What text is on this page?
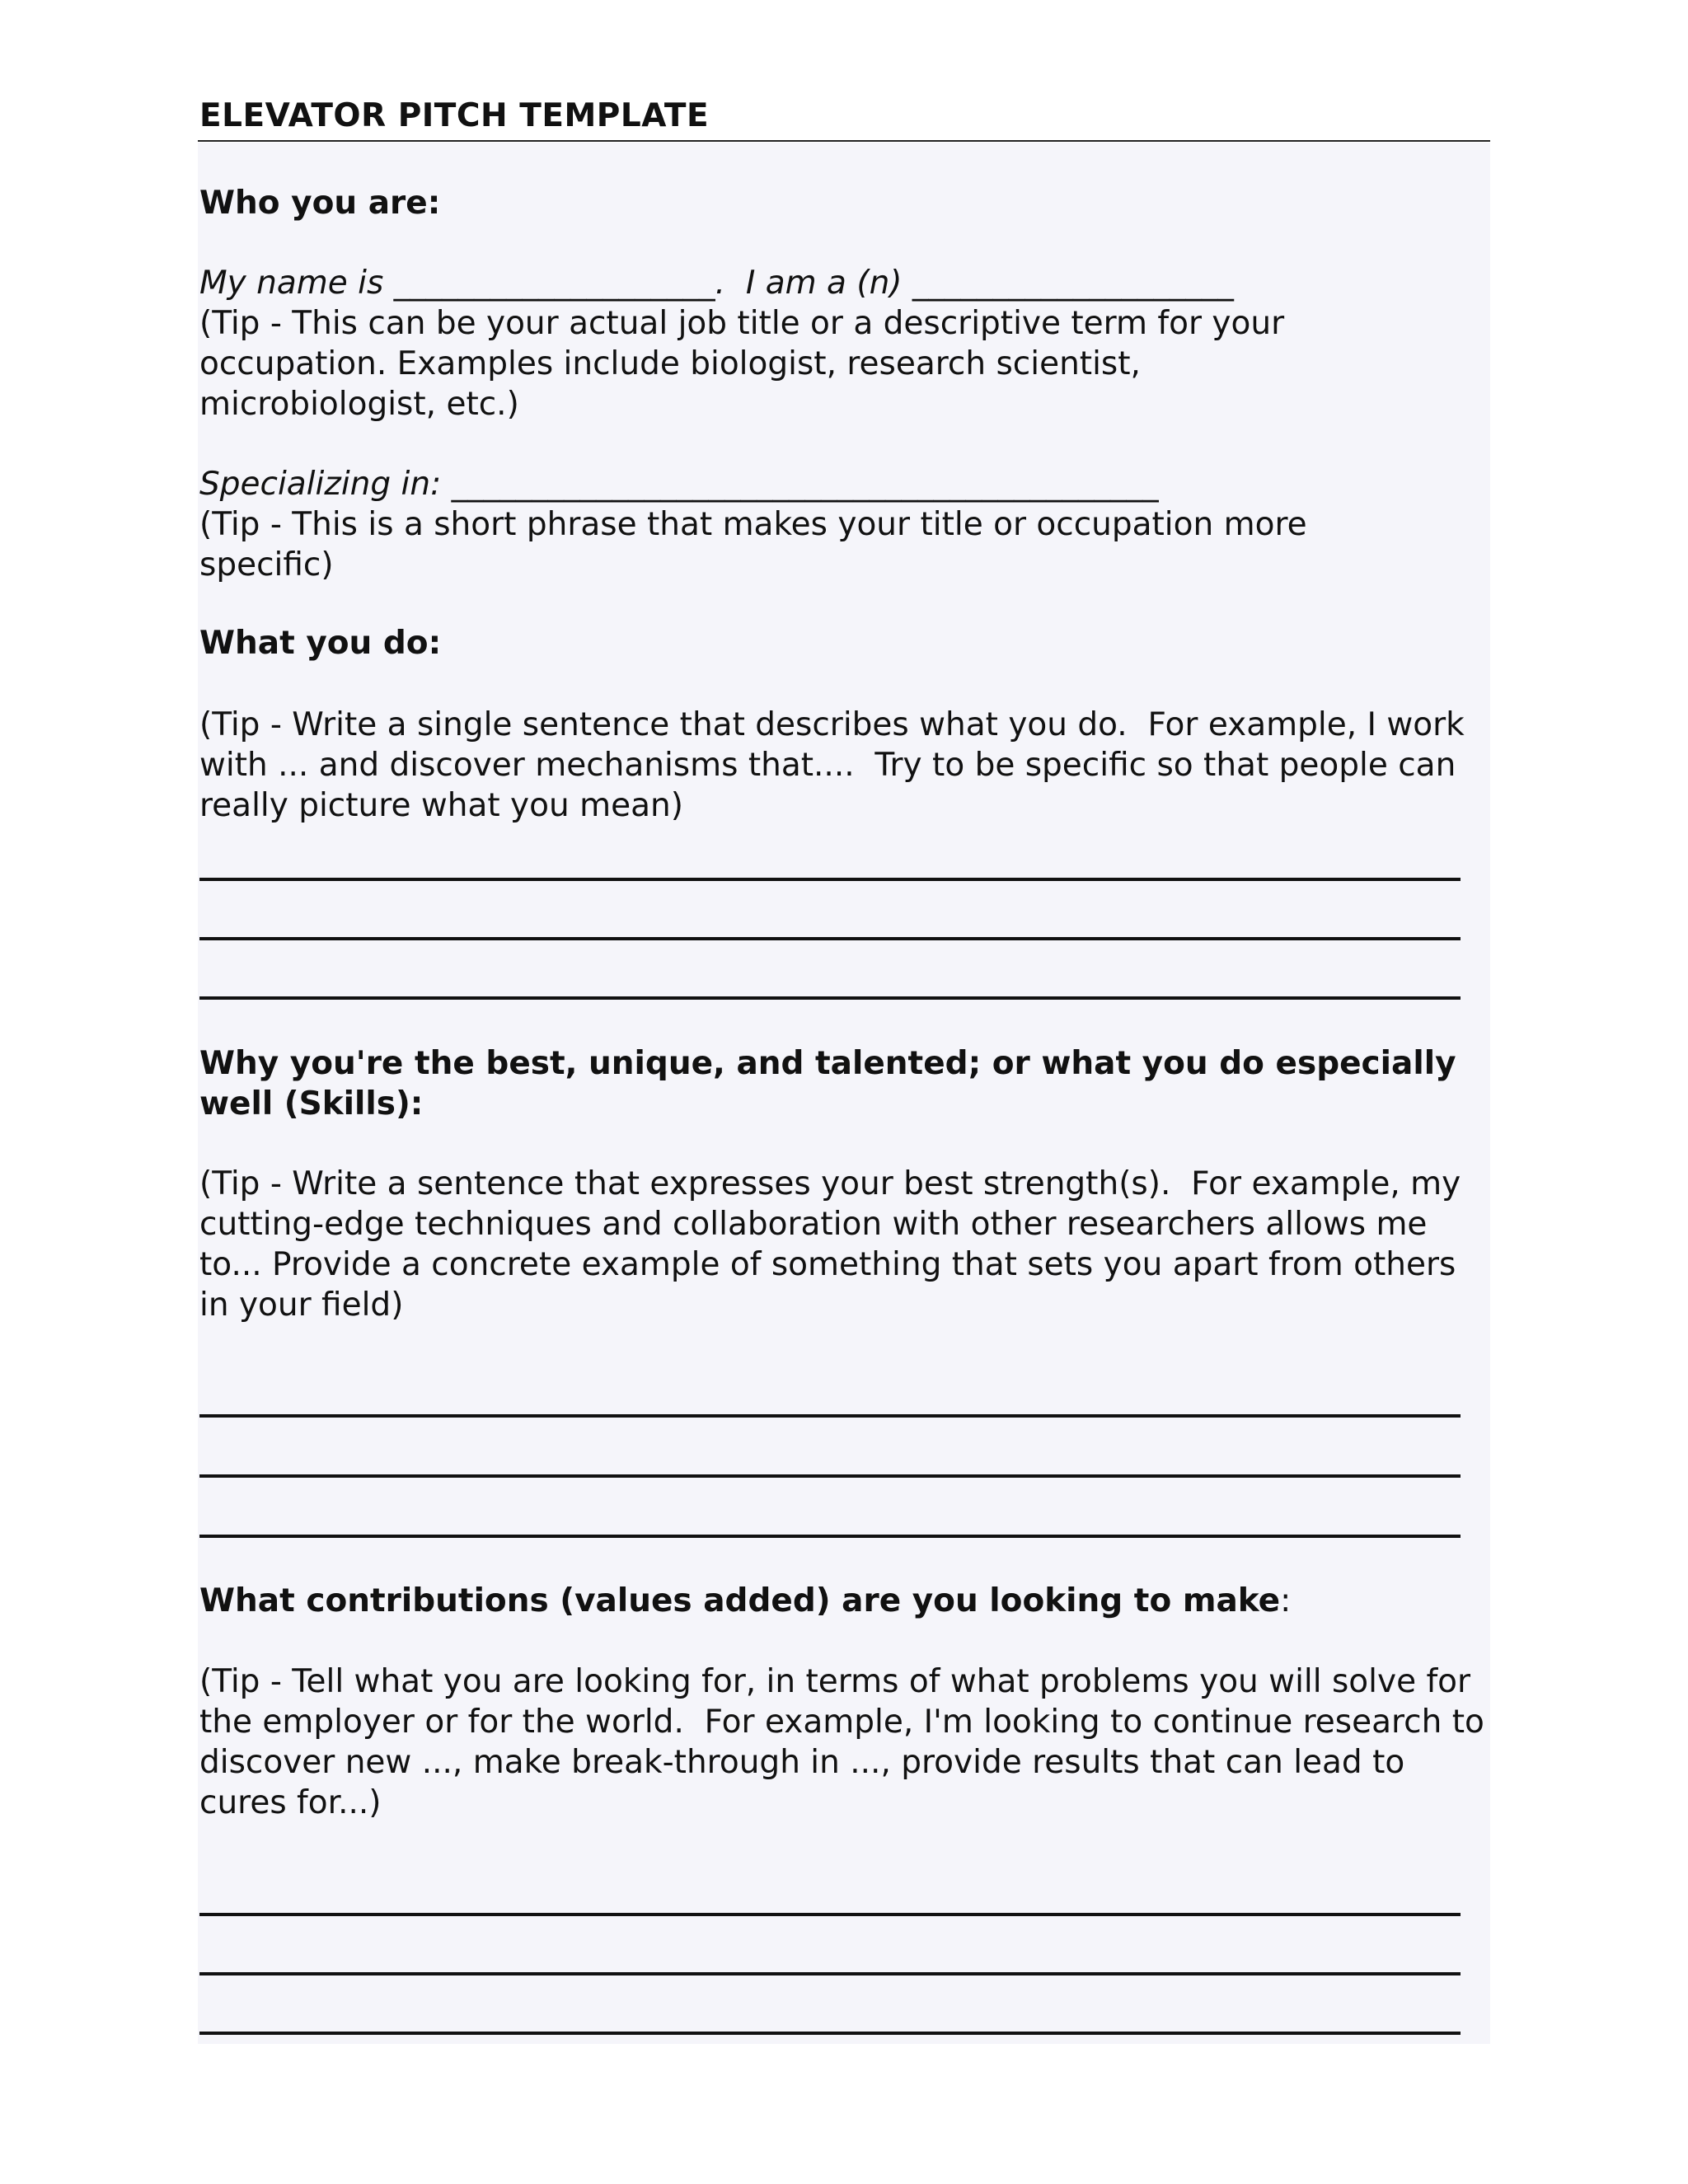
ELEVATOR PITCH TEMPLATE

Who you are:

My name is ____________________.  I am a (n) ____________________

(Tip - This can be your actual job title or a descriptive term for your occupation. Examples include biologist, research scientist, microbiologist, etc.)

Specializing in: ____________________________________________

(Tip - This is a short phrase that makes your title or occupation more specific)

What you do:

(Tip - Write a single sentence that describes what you do.  For example, I work with ... and discover mechanisms that....  Try to be specific so that people can really picture what you mean)

Why you're the best, unique, and talented; or what you do especially well (Skills):

(Tip - Write a sentence that expresses your best strength(s).  For example, my cutting-edge techniques and collaboration with other researchers allows me to... Provide a concrete example of something that sets you apart from others in your field)

What contributions (values added) are you looking to make:

(Tip - Tell what you are looking for, in terms of what problems you will solve for the employer or for the world.  For example, I'm looking to continue research to discover new ..., make break-through in ..., provide results that can lead to cures for...)
